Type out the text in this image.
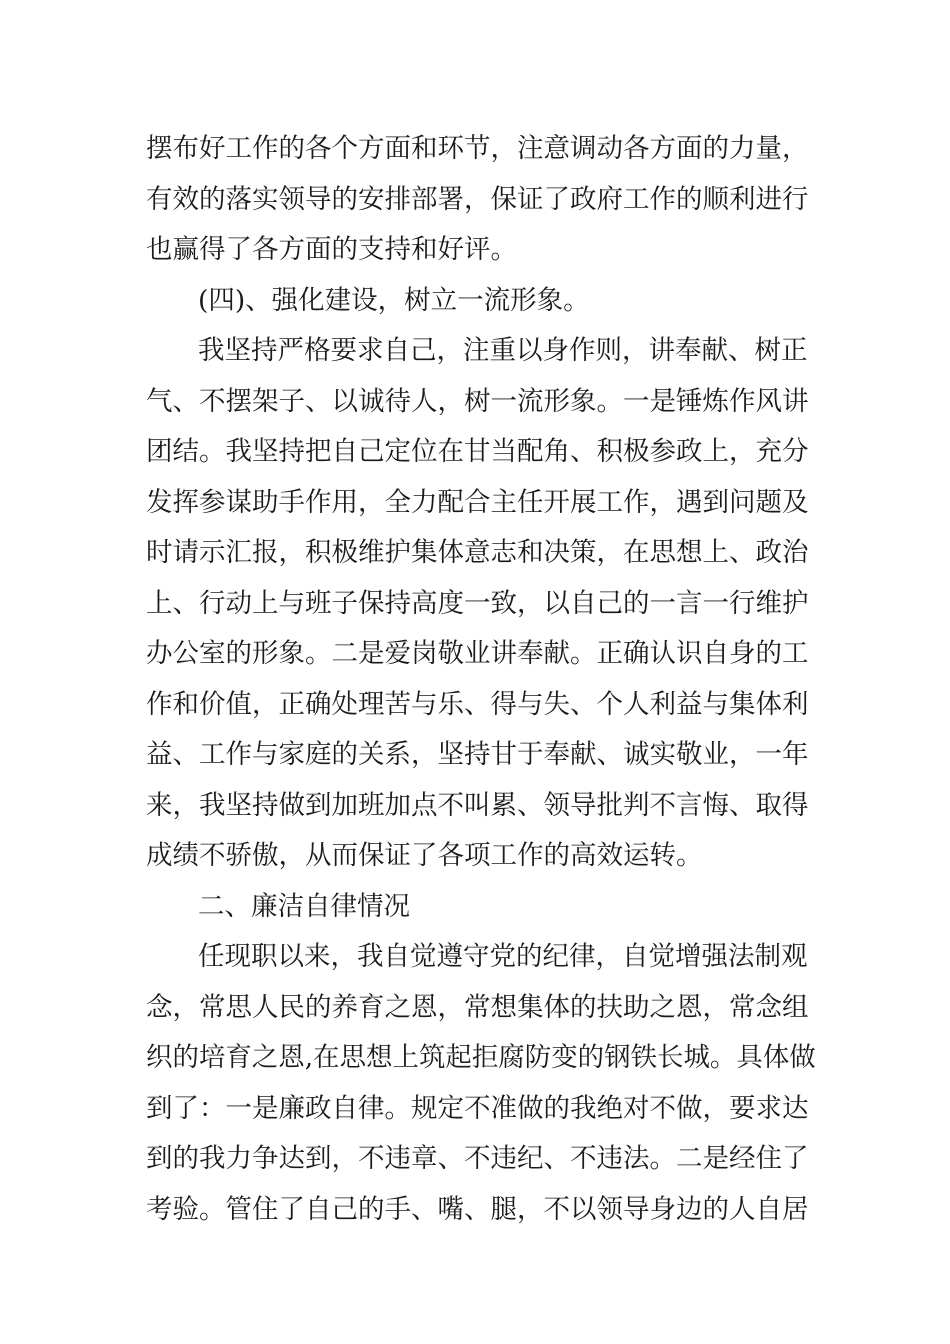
摆布好工作的各个方面和环节，注意调动各方面的力量，
有效的落实领导的安排部署，保证了政府工作的顺利进行
也赢得了各方面的支持和好评。
(四)、强化建设，树立一流形象。
我坚持严格要求自己，注重以身作则，讲奉献、树正
气、不摆架子、以诚待人，树一流形象。一是锤炼作风讲
团结。我坚持把自己定位在甘当配角、积极参政上，充分
发挥参谋助手作用，全力配合主任开展工作，遇到问题及
时请示汇报，积极维护集体意志和决策，在思想上、政治
上、行动上与班子保持高度一致，以自己的一言一行维护
办公室的形象。二是爱岗敬业讲奉献。正确认识自身的工
作和价值，正确处理苦与乐、得与失、个人利益与集体利
益、工作与家庭的关系，坚持甘于奉献、诚实敬业，一年
来，我坚持做到加班加点不叫累、领导批判不言悔、取得
成绩不骄傲，从而保证了各项工作的高效运转。
二、廉洁自律情况
任现职以来，我自觉遵守党的纪律，自觉增强法制观
念，常思人民的养育之恩，常想集体的扶助之恩，常念组
织的培育之恩,在思想上筑起拒腐防变的钢铁长城。具体做
到了：一是廉政自律。规定不准做的我绝对不做，要求达
到的我力争达到，不违章、不违纪、不违法。二是经住了
考验。管住了自己的手、嘴、腿，不以领导身边的人自居
